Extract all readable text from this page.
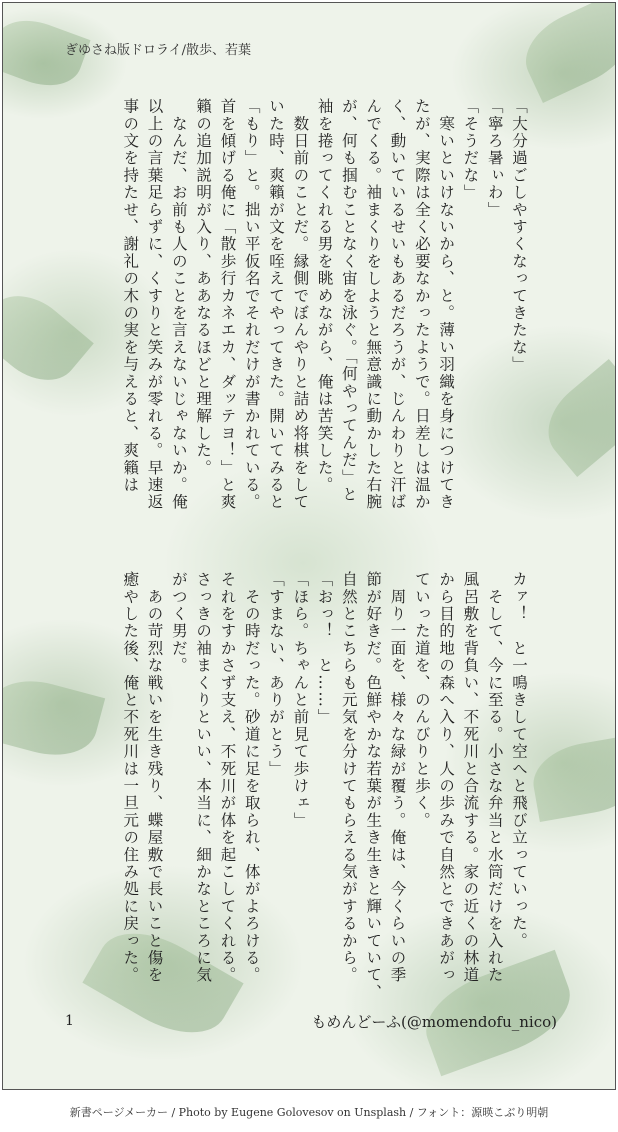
ぎゆさね版ドロライ/散歩、若葉

「大分過ごしやすくなってきたな」

「寧ろ暑ぃわ」

「そうだな」

　寒いといけないから、と。薄い羽織を身につけてき

たが、実際は全く必要なかったようで。日差しは温か

く、動いているせいもあるだろうが、じんわりと汗ば

んでくる。袖まくりをしようと無意識に動かした右腕

が、何も掴むことなく宙を泳ぐ。「何やってんだ」と

袖を捲ってくれる男を眺めながら、俺は苦笑した。

　数日前のことだ。縁側でぼんやりと詰め将棋をして

いた時、爽籟が文を咥えてやってきた。開いてみると

「もり」と。拙い平仮名でそれだけが書かれている。

首を傾げる俺に「散歩行カネエカ、ダッテヨ！」と爽

籟の追加説明が入り、ああなるほどと理解した。

　なんだ、お前も人のことを言えないじゃないか。俺

以上の言葉足らずに、くすりと笑みが零れる。早速返

事の文を持たせ、謝礼の木の実を与えると、爽籟は

カァ！　と一鳴きして空へと飛び立っていった。

　そして、今に至る。小さな弁当と水筒だけを入れた

風呂敷を背負い、不死川と合流する。家の近くの林道

から目的地の森へ入り、人の歩みで自然とできあがっ

ていった道を、のんびりと歩く。

　周り一面を、様々な緑が覆う。俺は、今くらいの季

節が好きだ。色鮮やかな若葉が生き生きと輝いていて、

自然とこちらも元気を分けてもらえる気がするから。

「おっ！　と……」

「ほら。ちゃんと前見て歩けェ」

「すまない、ありがとう」

　その時だった。砂道に足を取られ、体がよろける。

それをすかさず支え、不死川が体を起こしてくれる。

さっきの袖まくりといい、本当に、細かなところに気

がつく男だ。

　あの苛烈な戦いを生き残り、蝶屋敷で長いこと傷を

癒やした後、俺と不死川は一旦元の住み処に戻った。

1	もめんどーふ(@momendofu_nico)
新書ページメーカー / Photo by Eugene Golovesov on Unsplash / フォント：源暎こぶり明朝
